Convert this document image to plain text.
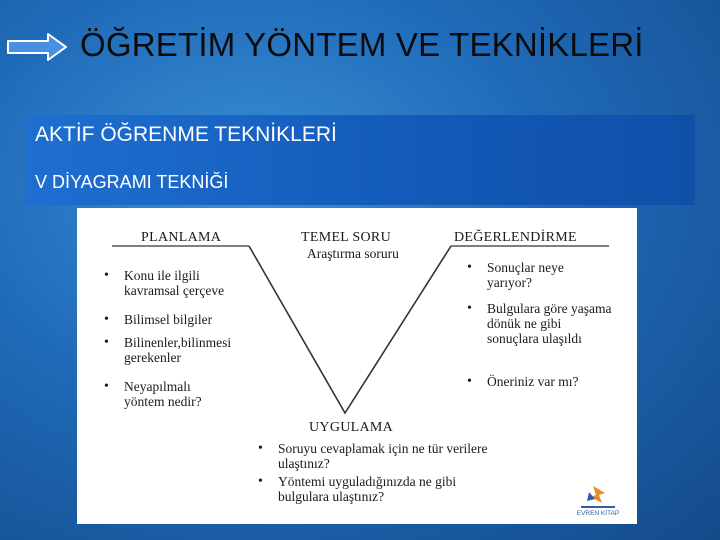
ÖĞRETİM YÖNTEM VE TEKNİKLERİ
AKTİF ÖĞRENME TEKNİKLERİ
V DİYAGRAMI TEKNİĞİ
PLANLAMA
• Konu ile ilgili kavramsal çerçeve
• Bilimsel bilgiler
• Bilinenler,bilinmesi gerekenler
• Neyapılmalı yöntem nedir?
TEMEL SORU
Araştırma soruru
DEĞERLENDİRME
• Sonuçlar neye yarıyor?
• Bulgulara göre yaşama dönük ne gibi sonuçlara ulaşıldı
• Öneriniz var mı?
UYGULAMA
• Soruyu cevaplamak için ne tür verilere ulaştınız?
• Yöntemi uyguladığınızda ne gibi bulgulara ulaştınız?
EVREN KİTAP
